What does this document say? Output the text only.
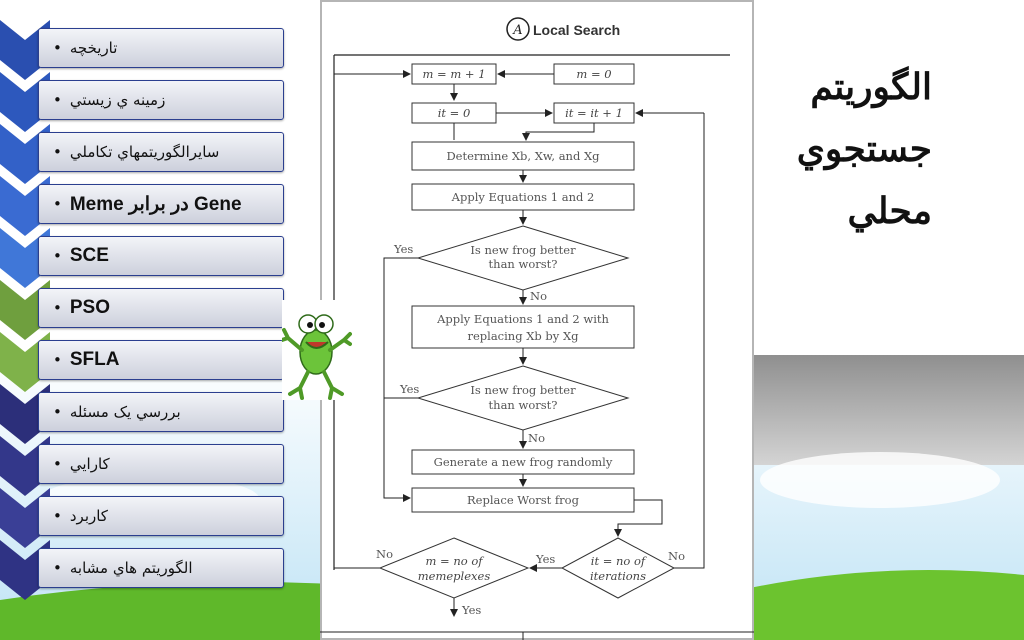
• تاريخچه
• زمينه ي زيستي
• سايرالگوريتمهاي تکاملي
• Meme در برابر Gene
• SCE
• PSO
• SFLA
• بررسي يک مسئله
• کارايي
• کاربرد
• الگوريتم هاي مشابه
الگوريتم
جستجوي
محلي
A Local Search
m = m + 1	m = 0
it = 0	it = it + 1
Determine Xb, Xw, and Xg
Apply Equations 1 and 2
Is new frog better
than worst?
Yes
No
Apply Equations 1 and 2 with
replacing Xb by Xg
Is new frog better
than worst?
Yes
No
Generate a new frog randomly
Replace Worst frog
it = no of
iterations
No
Yes
m = no of
memeplexes
No
Yes
